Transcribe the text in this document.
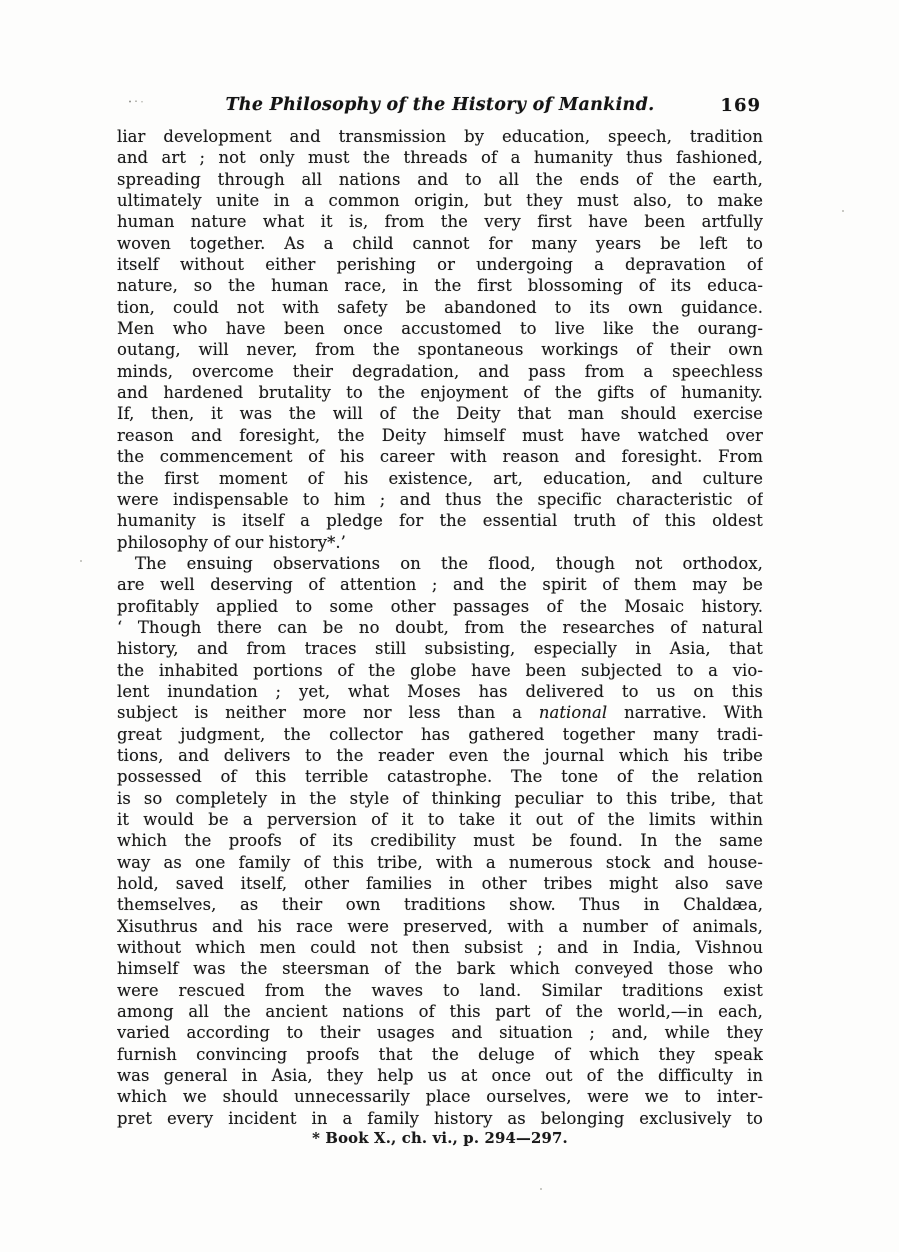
The Philosophy of the History of Mankind.	169
liar development and transmission by education, speech, tradition
and art ; not only must the threads of a humanity thus fashioned,
spreading through all nations and to all the ends of the earth,
ultimately unite in a common origin, but they must also, to make
human nature what it is, from the very first have been artfully
woven together. As a child cannot for many years be left to
itself without either perishing or undergoing a depravation of
nature, so the human race, in the first blossoming of its educa-
tion, could not with safety be abandoned to its own guidance.
Men who have been once accustomed to live like the ourang-
outang, will never, from the spontaneous workings of their own
minds, overcome their degradation, and pass from a speechless
and hardened brutality to the enjoyment of the gifts of humanity.
If, then, it was the will of the Deity that man should exercise
reason and foresight, the Deity himself must have watched over
the commencement of his career with reason and foresight. From
the first moment of his existence, art, education, and culture
were indispensable to him ; and thus the specific characteristic of
humanity is itself a pledge for the essential truth of this oldest
philosophy of our history*.’
The ensuing observations on the flood, though not orthodox,
are well deserving of attention ; and the spirit of them may be
profitably applied to some other passages of the Mosaic history.
‘ Though there can be no doubt, from the researches of natural
history, and from traces still subsisting, especially in Asia, that
the inhabited portions of the globe have been subjected to a vio-
lent inundation ; yet, what Moses has delivered to us on this
subject is neither more nor less than a national narrative. With
great judgment, the collector has gathered together many tradi-
tions, and delivers to the reader even the journal which his tribe
possessed of this terrible catastrophe. The tone of the relation
is so completely in the style of thinking peculiar to this tribe, that
it would be a perversion of it to take it out of the limits within
which the proofs of its credibility must be found. In the same
way as one family of this tribe, with a numerous stock and house-
hold, saved itself, other families in other tribes might also save
themselves, as their own traditions show. Thus in Chaldæa,
Xisuthrus and his race were preserved, with a number of animals,
without which men could not then subsist ; and in India, Vishnou
himself was the steersman of the bark which conveyed those who
were rescued from the waves to land. Similar traditions exist
among all the ancient nations of this part of the world,—in each,
varied according to their usages and situation ; and, while they
furnish convincing proofs that the deluge of which they speak
was general in Asia, they help us at once out of the difficulty in
which we should unnecessarily place ourselves, were we to inter-
pret every incident in a family history as belonging exclusively to
* Book X., ch. vi., p. 294—297.
